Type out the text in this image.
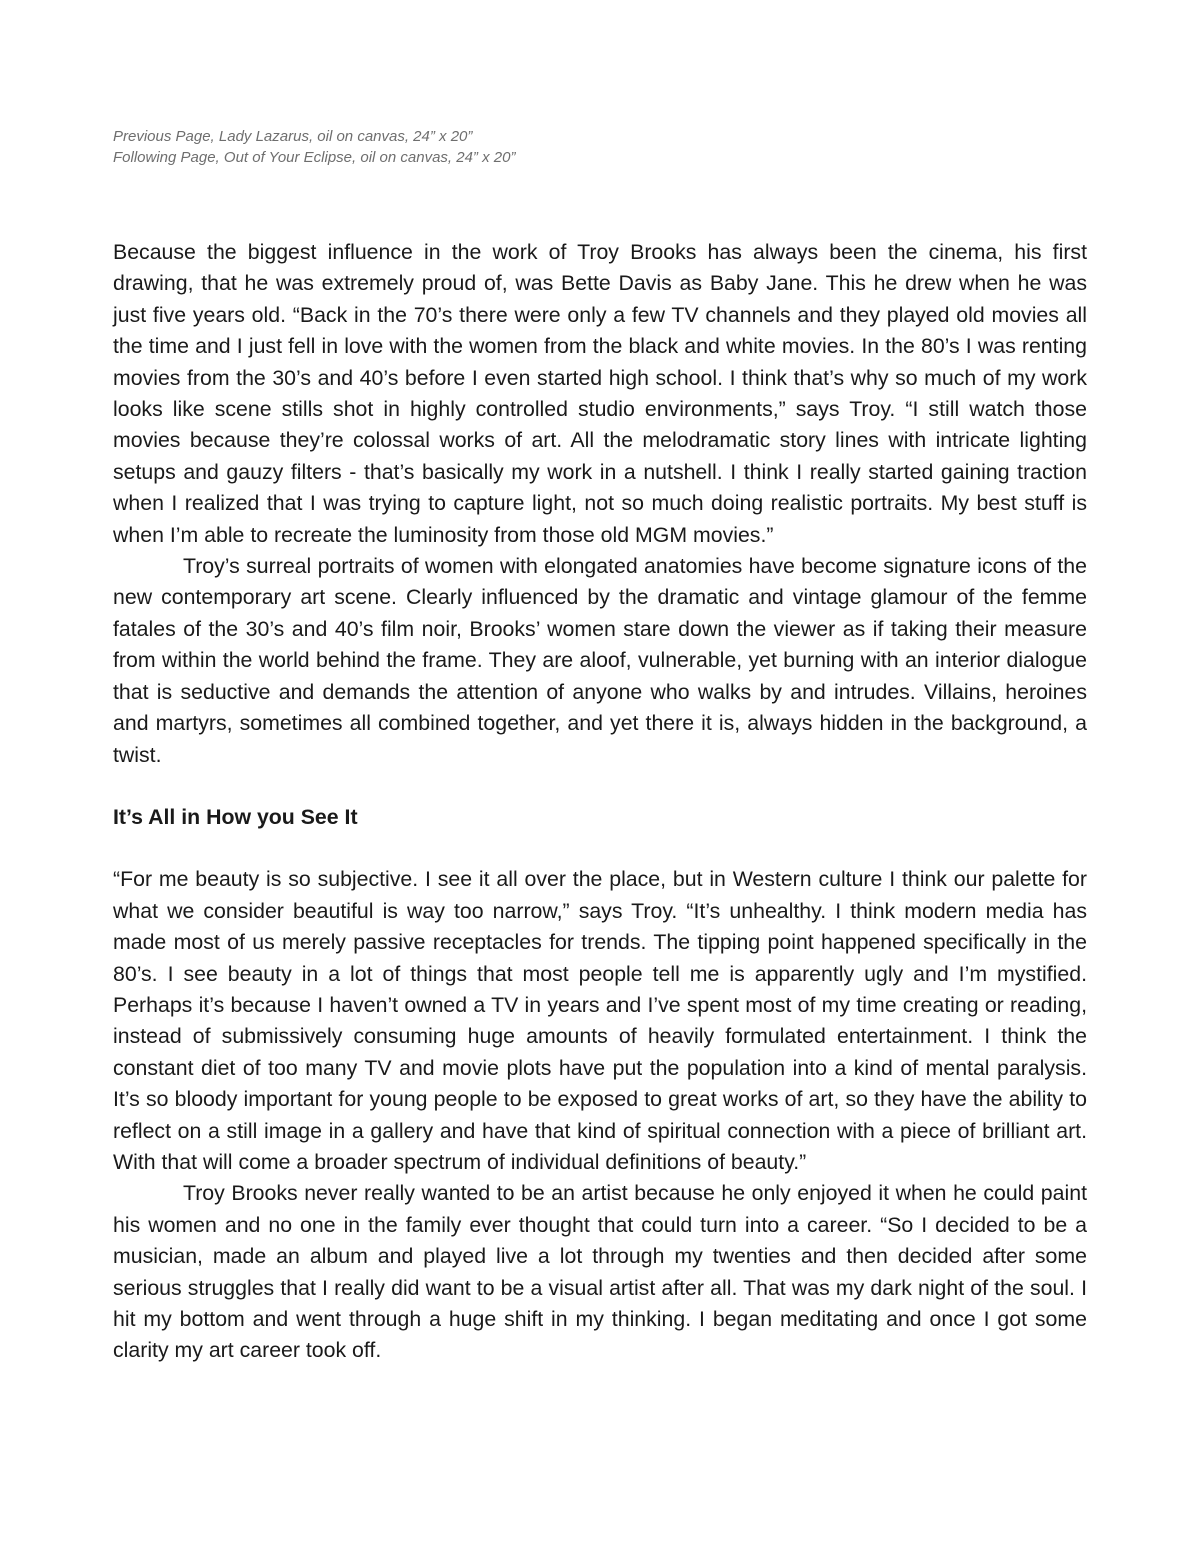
Previous Page, Lady Lazarus, oil on canvas, 24” x 20”
Following Page, Out of Your Eclipse, oil on canvas, 24” x 20”

Because the biggest influence in the work of Troy Brooks has always been the cinema, his first drawing, that he was extremely proud of, was Bette Davis as Baby Jane. This he drew when he was just five years old. “Back in the 70’s there were only a few TV channels and they played old movies all the time and I just fell in love with the women from the black and white movies. In the 80’s I was renting movies from the 30’s and 40’s before I even started high school. I think that’s why so much of my work looks like scene stills shot in highly controlled studio environments,” says Troy. “I still watch those movies because they’re colossal works of art. All the melodramatic story lines with intricate lighting setups and gauzy filters - that’s basically my work in a nutshell. I think I really started gaining traction when I realized that I was trying to capture light, not so much doing realistic portraits. My best stuff is when I’m able to recreate the luminosity from those old MGM movies.”

Troy’s surreal portraits of women with elongated anatomies have become signature icons of the new contemporary art scene. Clearly influenced by the dramatic and vintage glamour of the femme fatales of the 30’s and 40’s film noir, Brooks’ women stare down the viewer as if taking their measure from within the world behind the frame. They are aloof, vulnerable, yet burning with an interior dialogue that is seductive and demands the attention of anyone who walks by and intrudes. Villains, heroines and martyrs, sometimes all combined together, and yet there it is, always hidden in the background, a twist.

It’s All in How you See It

“For me beauty is so subjective. I see it all over the place, but in Western culture I think our palette for what we consider beautiful is way too narrow,” says Troy. “It’s unhealthy. I think modern media has made most of us merely passive receptacles for trends. The tipping point happened specifically in the 80’s. I see beauty in a lot of things that most people tell me is apparently ugly and I’m mystified. Perhaps it’s because I haven’t owned a TV in years and I’ve spent most of my time creating or reading, instead of submissively consuming huge amounts of heavily formulated entertainment. I think the constant diet of too many TV and movie plots have put the population into a kind of mental paralysis. It’s so bloody important for young people to be exposed to great works of art, so they have the ability to reflect on a still image in a gallery and have that kind of spiritual connection with a piece of brilliant art. With that will come a broader spectrum of individual definitions of beauty.”

Troy Brooks never really wanted to be an artist because he only enjoyed it when he could paint his women and no one in the family ever thought that could turn into a career. “So I decided to be a musician, made an album and played live a lot through my twenties and then decided after some serious struggles that I really did want to be a visual artist after all. That was my dark night of the soul. I hit my bottom and went through a huge shift in my thinking. I began meditating and once I got some clarity my art career took off.
